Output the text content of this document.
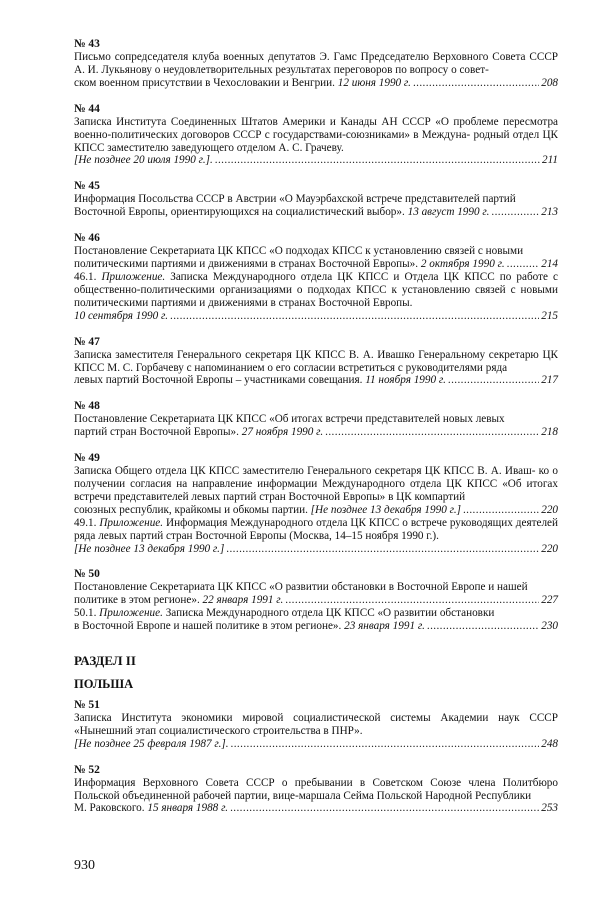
№ 43
Письмо сопредседателя клуба военных депутатов Э. Гамс Председателю Верховного Совета СССР А. И. Лукьянову о неудовлетворительных результатах переговоров по вопросу о совет-
ском военном присутствии в Чехословакии и Венгрии. 12 июня 1990 г. . . .	208
№ 44
Записка Института Соединенных Штатов Америки и Канады АН СССР «О проблеме пересмотра военно-политических договоров СССР с государствами-союзниками» в Междуна- родный отдел ЦК КПСС заместителю заведующего отделом А. С. Грачеву.
[Не позднее 20 июля 1990 г.]. . . .	211
№ 45
Информация Посольства СССР в Австрии «О Мауэрбахской встрече представителей партий
Восточной Европы, ориентирующихся на социалистический выбор». 13 август 1990 г. . . .	213
№ 46
Постановление Секретариата ЦК КПСС «О подходах КПСС к установлению связей с новыми
политическими партиями и движениями в странах Восточной Европы». 2 октября 1990 г. . . .	214
46.1. Приложение. Записка Международного отдела ЦК КПСС и Отдела ЦК КПСС по работе с общественно-политическими организациями о подходах КПСС к установлению связей с новыми политическими партиями и движениями в странах Восточной Европы.
10 сентября 1990 г. . . .	215
№ 47
Записка заместителя Генерального секретаря ЦК КПСС В. А. Ивашко Генеральному секретарю ЦК КПСС М. С. Горбачеву с напоминанием о его согласии встретиться с руководителями ряда
левых партий Восточной Европы – участниками совещания. 11 ноября 1990 г. . . .	217
№ 48
Постановление Секретариата ЦК КПСС «Об итогах встречи представителей новых левых
партий стран Восточной Европы». 27 ноября 1990 г. . . .	218
№ 49
Записка Общего отдела ЦК КПСС заместителю Генерального секретаря ЦК КПСС В. А. Иваш- ко о получении согласия на направление информации Международного отдела ЦК КПСС «Об итогах встречи представителей левых партий стран Восточной Европы» в ЦК компартий
союзных республик, крайкомы и обкомы партии. [Не позднее 13 декабря 1990 г.] . . .	220
49.1. Приложение. Информация Международного отдела ЦК КПСС о встрече руководящих деятелей ряда левых партий стран Восточной Европы (Москва, 14–15 ноября 1990 г.).
[Не позднее 13 декабря 1990 г.] . . .	220
№ 50
Постановление Секретариата ЦК КПСС «О развитии обстановки в Восточной Европе и нашей
политике в этом регионе». 22 января 1991 г. . . .	227
50.1. Приложение. Записка Международного отдела ЦК КПСС «О развитии обстановки
в Восточной Европе и нашей политике в этом регионе». 23 января 1991 г. . . .	230
РАЗДЕЛ II
ПОЛЬША
№ 51
Записка Института экономики мировой социалистической системы Академии наук СССР «Нынешний этап социалистического строительства в ПНР».
[Не позднее 25 февраля 1987 г.]. . . .	248
№ 52
Информация Верховного Совета СССР о пребывании в Советском Союзе члена Политбюро Польской объединенной рабочей партии, вице-маршала Сейма Польской Народной Республики
М. Раковского. 15 января 1988 г. . . .	253
930
